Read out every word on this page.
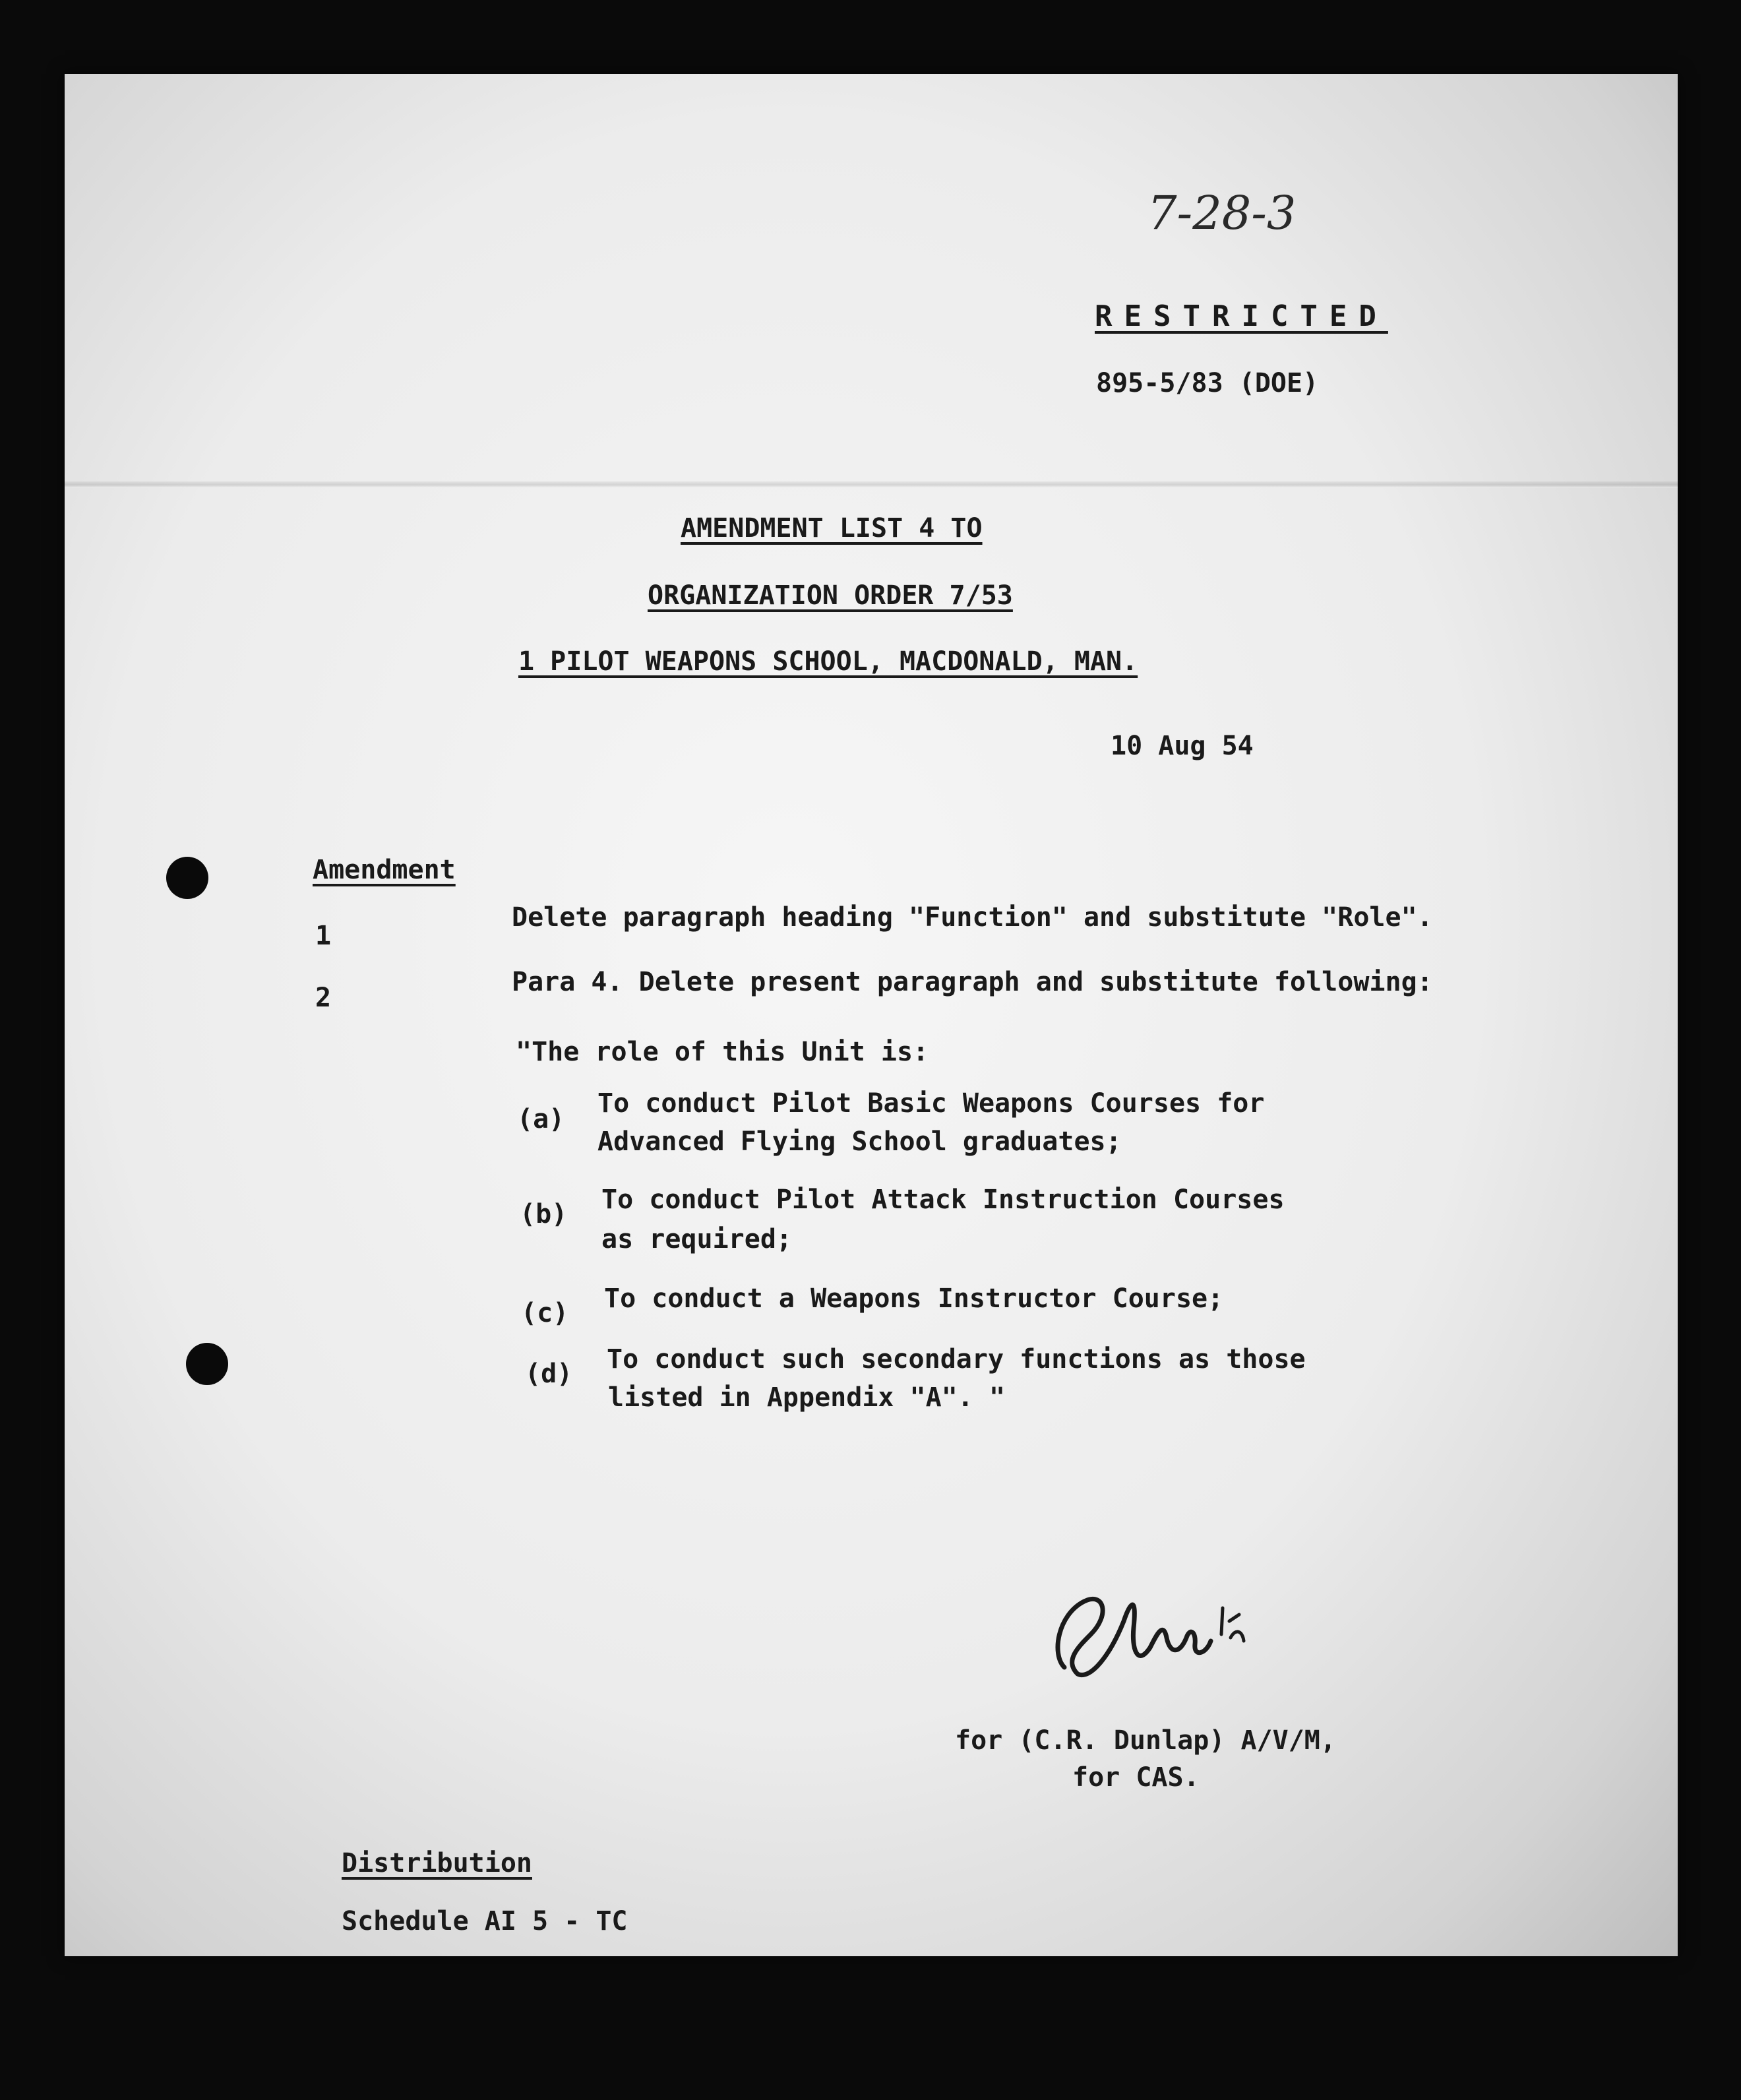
7-28-3
RESTRICTED
895-5/83 (DOE)
AMENDMENT LIST 4 TO
ORGANIZATION ORDER 7/53
1 PILOT WEAPONS SCHOOL, MACDONALD, MAN.
10 Aug 54
Amendment
1
Delete paragraph heading "Function" and substitute "Role".
2
Para 4. Delete present paragraph and substitute following:
"The role of this Unit is:
(a)
To conduct Pilot Basic Weapons Courses for
Advanced Flying School graduates;
(b) To conduct Pilot Attack Instruction Courses
as required;
(c) To conduct a Weapons Instructor Course;
(d) To conduct such secondary functions as those
listed in Appendix "A". "
for (C.R. Dunlap) A/V/M,
for CAS.
Distribution
Schedule AI 5 - TC
